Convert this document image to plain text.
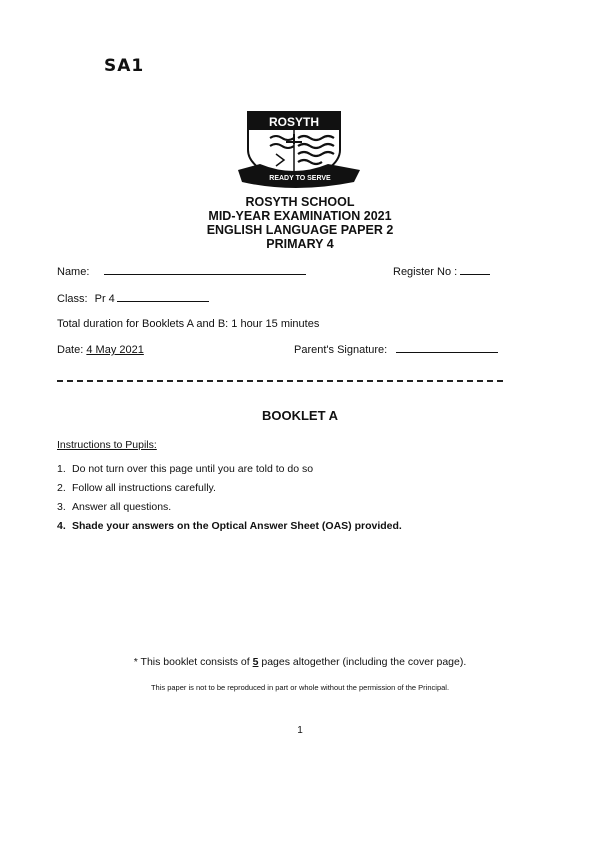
SA1
ROSYTH
READY TO SERVE
ROSYTH SCHOOL
MID-YEAR EXAMINATION 2021
ENGLISH LANGUAGE PAPER 2
PRIMARY 4
Name:	Register No :
Class: Pr 4
Total duration for Booklets A and B: 1 hour 15 minutes
Date: 4 May 2021	Parent's Signature:
BOOKLET A
Instructions to Pupils:
1. Do not turn over this page until you are told to do so
2. Follow all instructions carefully.
3. Answer all questions.
4. Shade your answers on the Optical Answer Sheet (OAS) provided.
* This booklet consists of 5 pages altogether (including the cover page).
This paper is not to be reproduced in part or whole without the permission of the Principal.
1
